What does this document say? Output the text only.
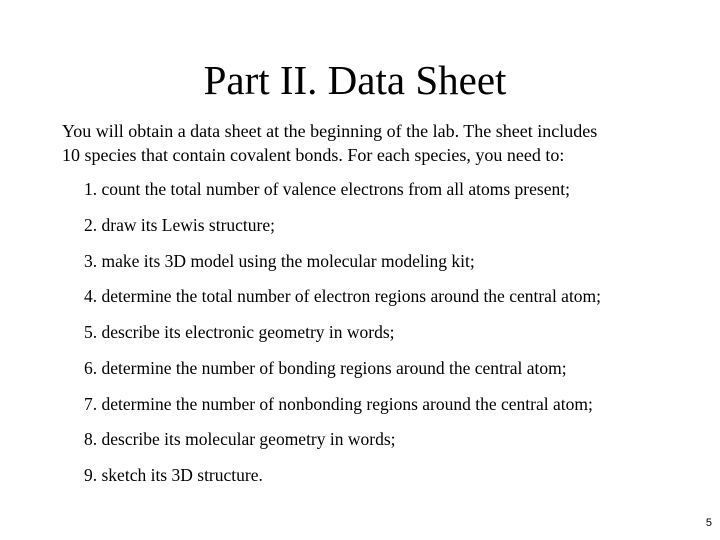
Part II. Data Sheet

You will obtain a data sheet at the beginning of the lab. The sheet includes
10 species that contain covalent bonds. For each species, you need to:

1. count the total number of valence electrons from all atoms present;
2. draw its Lewis structure;
3. make its 3D model using the molecular modeling kit;
4. determine the total number of electron regions around the central atom;
5. describe its electronic geometry in words;
6. determine the number of bonding regions around the central atom;
7. determine the number of nonbonding regions around the central atom;
8. describe its molecular geometry in words;
9. sketch its 3D structure.
5
